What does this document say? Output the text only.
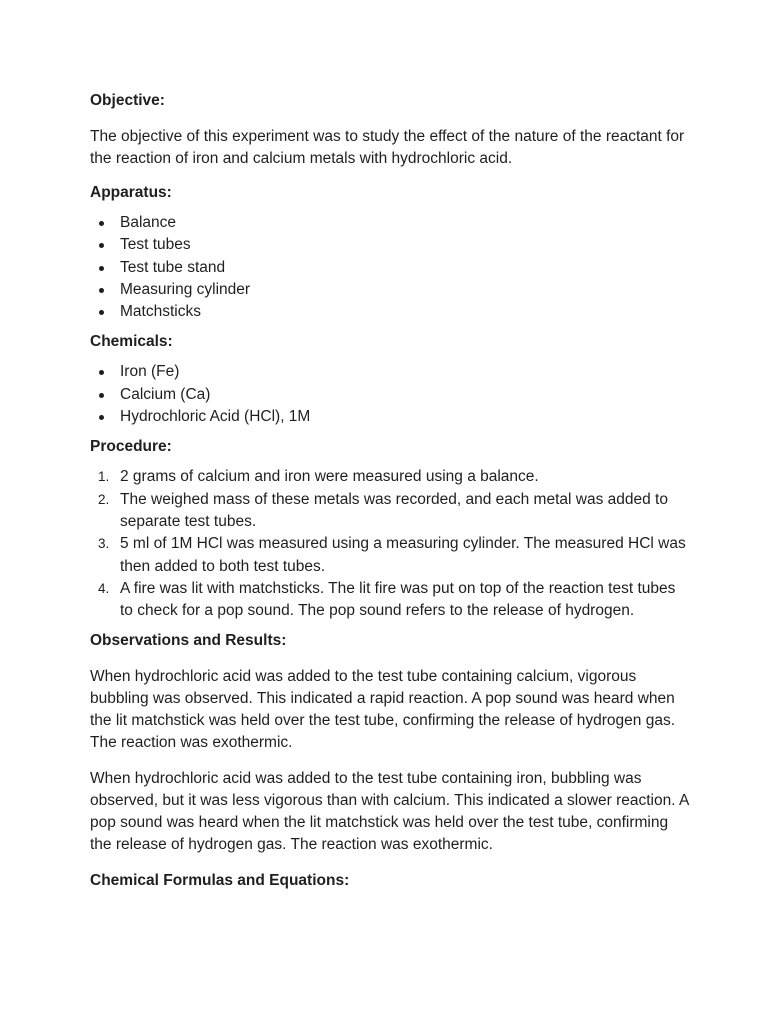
Objective:

The objective of this experiment was to study the effect of the nature of the reactant for the reaction of iron and calcium metals with hydrochloric acid.

Apparatus:

Balance
Test tubes
Test tube stand
Measuring cylinder
Matchsticks

Chemicals:

Iron (Fe)
Calcium (Ca)
Hydrochloric Acid (HCl), 1M

Procedure:

1. 2 grams of calcium and iron were measured using a balance.
2. The weighed mass of these metals was recorded, and each metal was added to separate test tubes.
3. 5 ml of 1M HCl was measured using a measuring cylinder. The measured HCl was then added to both test tubes.
4. A fire was lit with matchsticks. The lit fire was put on top of the reaction test tubes to check for a pop sound. The pop sound refers to the release of hydrogen.

Observations and Results:

When hydrochloric acid was added to the test tube containing calcium, vigorous bubbling was observed. This indicated a rapid reaction. A pop sound was heard when the lit matchstick was held over the test tube, confirming the release of hydrogen gas. The reaction was exothermic.

When hydrochloric acid was added to the test tube containing iron, bubbling was observed, but it was less vigorous than with calcium. This indicated a slower reaction. A pop sound was heard when the lit matchstick was held over the test tube, confirming the release of hydrogen gas. The reaction was exothermic.

Chemical Formulas and Equations:
